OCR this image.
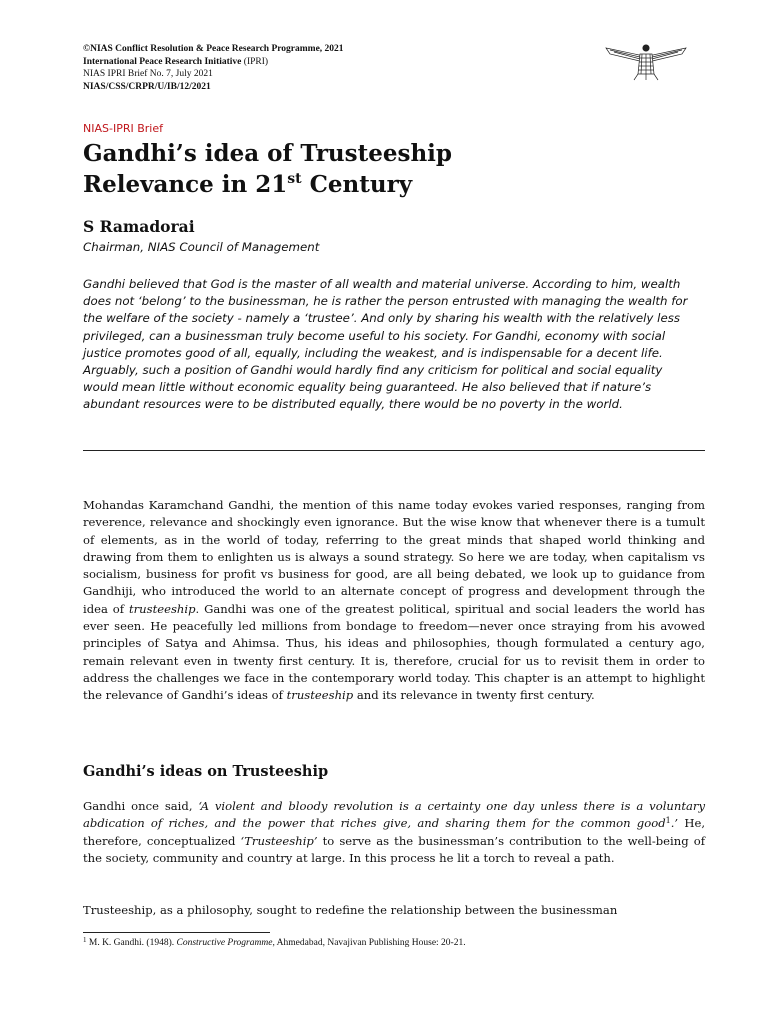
©NIAS Conflict Resolution & Peace Research Programme, 2021
International Peace Research Initiative (IPRI)
NIAS IPRI Brief No. 7, July 2021
NIAS/CSS/CRPR/U/IB/12/2021
NIAS-IPRI Brief
Gandhi’s idea of Trusteeship
Relevance in 21st Century
S Ramadorai
Chairman, NIAS Council of Management

Gandhi believed that God is the master of all wealth and material universe. According to him, wealth does not ‘belong’ to the businessman, he is rather the person entrusted with managing the wealth for the welfare of the society - namely a ‘trustee’. And only by sharing his wealth with the relatively less privileged, can a businessman truly become useful to his society. For Gandhi, economy with social justice promotes good of all, equally, including the weakest, and is indispensable for a decent life. Arguably, such a position of Gandhi would hardly find any criticism for political and social equality would mean little without economic equality being guaranteed. He also believed that if nature’s abundant resources were to be distributed equally, there would be no poverty in the world.

Mohandas Karamchand Gandhi, the mention of this name today evokes varied responses, ranging from reverence, relevance and shockingly even ignorance. But the wise know that whenever there is a tumult of elements, as in the world of today, referring to the great minds that shaped world thinking and drawing from them to enlighten us is always a sound strategy. So here we are today, when capitalism vs socialism, business for profit vs business for good, are all being debated, we look up to guidance from Gandhiji, who introduced the world to an alternate concept of progress and development through the idea of trusteeship. Gandhi was one of the greatest political, spiritual and social leaders the world has ever seen. He peacefully led millions from bondage to freedom—never once straying from his avowed principles of Satya and Ahimsa. Thus, his ideas and philosophies, though formulated a century ago, remain relevant even in twenty first century. It is, therefore, crucial for us to revisit them in order to address the challenges we face in the contemporary world today. This chapter is an attempt to highlight the relevance of Gandhi’s ideas of trusteeship and its relevance in twenty first century.

Gandhi’s ideas on Trusteeship

Gandhi once said, ‘A violent and bloody revolution is a certainty one day unless there is a voluntary abdication of riches, and the power that riches give, and sharing them for the common good$^1$.’ He, therefore, conceptualized ‘Trusteeship’ to serve as the businessman’s contribution to the well-being of the society, community and country at large. In this process he lit a torch to reveal a path.

Trusteeship, as a philosophy, sought to redefine the relationship between the businessman

$^1$ M. K. Gandhi. (1948). Constructive Programme, Ahmedabad, Navajivan Publishing House: 20-21.
